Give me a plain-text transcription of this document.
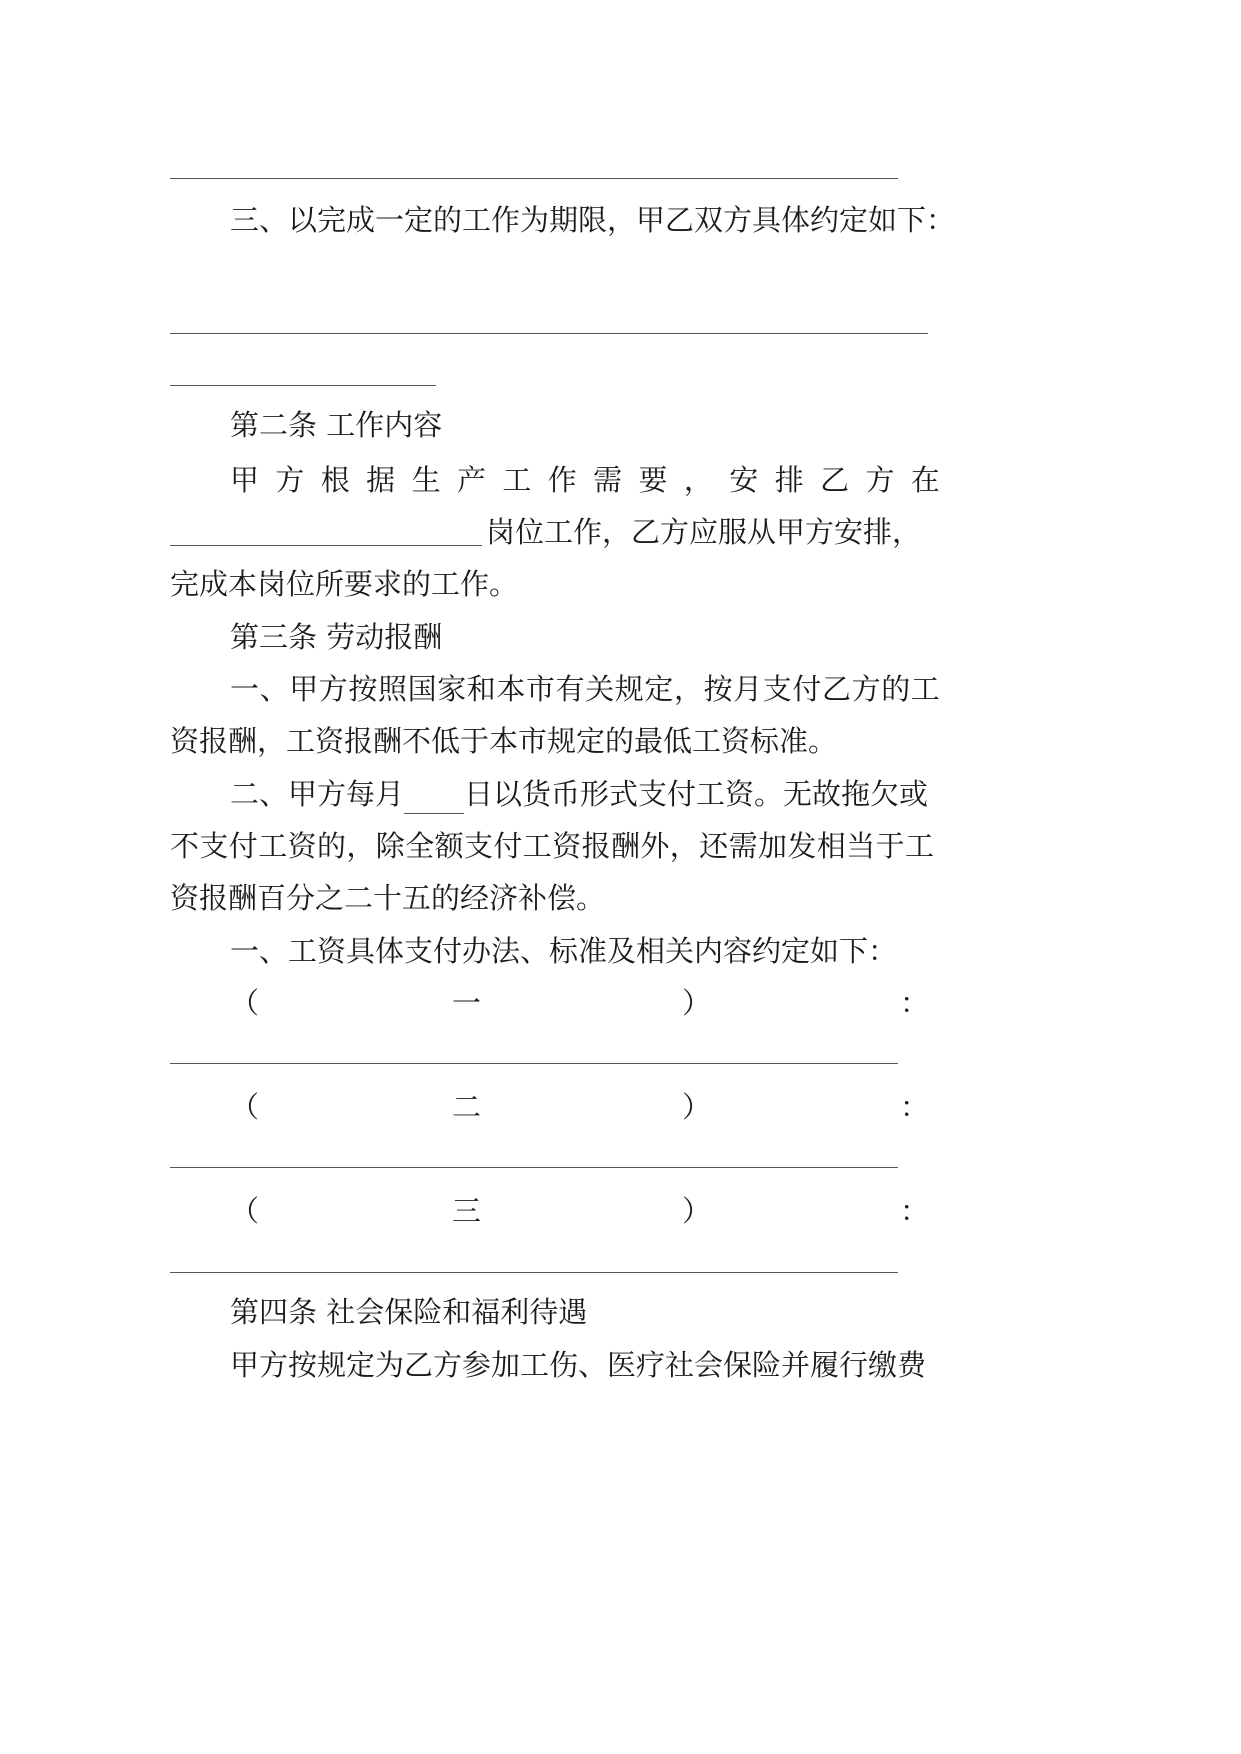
三、以完成一定的工作为期限，甲乙双方具体约定如下：
第二条 工作内容
甲 方 根 据 生 产 工 作 需 要 ， 安 排 乙 方 在
岗位工作，乙方应服从甲方安排，
完成本岗位所要求的工作。
第三条 劳动报酬
一、甲方按照国家和本市有关规定，按月支付乙方的工
资报酬，工资报酬不低于本市规定的最低工资标准。
二、甲方每月 日以货币形式支付工资。无故拖欠或
不支付工资的，除全额支付工资报酬外，还需加发相当于工
资报酬百分之二十五的经济补偿。
一、工资具体支付办法、标准及相关内容约定如下：
（	一	）	：
（	二	）	：
（	三	）	：
第四条 社会保险和福利待遇
甲方按规定为乙方参加工伤、医疗社会保险并履行缴费
